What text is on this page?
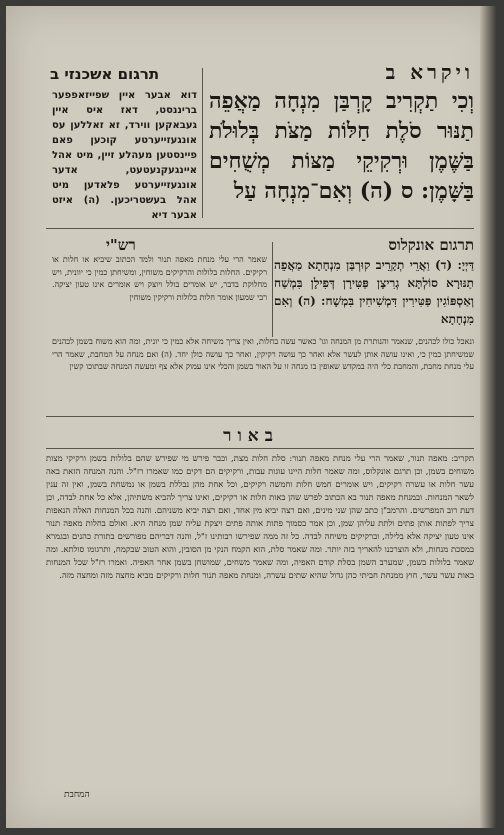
ויקרא ב
תרגום אשכנזי ב
וְכִי תַקְרִיב קָרְבַּן מִנְחָה מַאֲפֵה תַנּוּר סֹלֶת חַלּוֹת מַצֹּת בְּלוּלֹת בַּשֶּׁמֶן וּרְקִיקֵי מַצּוֹת מְשֻׁחִים בַּשָּׁמֶן: ס (ה) וְאִם־מִנְחָה עַל
דוא אבער איין שפייזאפפער בריננסט, דאז איס איין געבאקען ווירד, זא זאללען עס אונגעזייערטע קוכען פאם פיינסטען מעהלע זיין, מיט אהל איינגעקנעטעט, אדער אונגעזייערטע פלאדען מיט אהל בעשטריכען. (ה) איזט אבער דיא
תרגום אונקלוס
רש"י
דַּיְיָ: (ד) וַאֲרֵי תְקָרֵיב קוּרְבַּן מִנְחָתָא מַאֲפֵה תַנּוּרָא סוֹלְתָּא גְרִיצָן פַּטִּירָן דְּפִילָן בִּמְשַׁח וְאַסְפּוֹגִין פַּטִּירִין דִּמְשִׁיחִין בִּמְשָׁח: (ה) וְאִם מִנְחָתָא
שאמר הרי עלי מנחת מאפה תנור ולמד הכתוב שיביא או חלות או רקיקים. החלות בלולות והרקיקים משוחין, ומשיחתן כמין כי יוונית, ויש מחלוקת בדבר, יש אומרים בולל ויוצק ויש אומרים אינו טעון יציקה. רבי שמעון אומר חלות בלולות ורקיקין משוחין
ונאכל כולו לכהנים, שנאמר והנותרת מן המנחה וגו' כאשר עשה בחלות, ואין צריך משיחה אלא כמין כי יונית, ומה הוא משוח בשמן לכהנים שמשיחתן כמין כי, ואינו עושה אותן לעשר אלא ואחר כך עושה רקיקין, ואחר כך עושה כולן יחד. (ה) ואם מנחה על המחבת, שאמר הרי עלי מנחת מחבת, והמחבת כלי היה במקדש שאופין בו מנחה זו על האור בשמן והכלי אינו עמוק אלא צף ומעשה המנחה שבתוכו קשין
באור
תקריב: מאפה תנור, שאמר הרי עלי מנחת מאפה תנור: סלת חלות מצת, וכבר פירש מי שפירש שהם בלולות בשמן ורקיקי מצות משוחים בשמן, וכן תרגם אונקלוס, ומה שאמר חלות היינו עוגות עבות, ורקיקים הם דקים כמו שאמרו רז"ל. והנה המנחה הזאת באה עשר חלות או עשרה רקיקים, ויש אומרים חמש חלות וחמשה רקיקים, וכל אחת מהן נבללת בשמן או נמשחת בשמן, ואין זה ענין לשאר המנחות. ובמנחת מאפה תנור בא הכתוב לפרש שהן באות חלות או רקיקים, ואינו צריך להביא משתיהן, אלא כל אחת לבדה, וכן דעת רוב המפרשים. והרמב"ן כתב שהן שני מינים, ואם רצה יביא מין אחד, ואם רצה יביא משניהם. והנה בכל המנחות האלה הנאפות צריך לפתות אותן פתים ולתת עליהן שמן, וכן אמר בסמוך פתות אותה פתים ויצקת עליה שמן מנחה היא. ואולם בחלות מאפה תנור אינו טעון יציקה אלא בלילה, וברקיקים משיחה לבדה. כל זה ממה שפירשו רבותינו ז"ל, והנה דבריהם מפורשים בתורת כהנים ובגמרא במסכת מנחות, ולא הוצרכנו להאריך בזה יותר. ומה שאמר סלת, הוא הקמח הנקי מן הסובין, והוא הטוב שבקמח, ותרגומו סולתא. ומה שאמר בלולות בשמן, שמערב השמן בסלת קודם האפיה, ומה שאמר משחים, שמושחן בשמן אחר האפיה. ואמרו רז"ל שכל המנחות באות עשר עשר, חוץ ממנחת חביתי כהן גדול שהיא שתים עשרה, ומנחת מאפה תנור חלות ורקיקים מביא מחצה מזה ומחצה מזה.
המחבת
